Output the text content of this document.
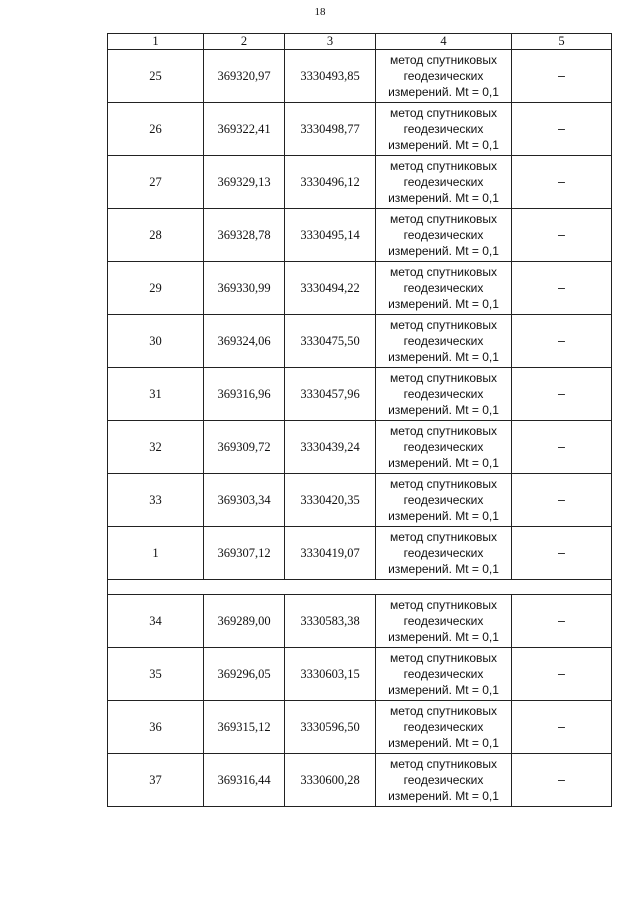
18
1	2	3	4	5
25	369320,97	3330493,85	метод спутниковых
геодезических
измерений. Mt = 0,1	–
26	369322,41	3330498,77	метод спутниковых
геодезических
измерений. Mt = 0,1	–
27	369329,13	3330496,12	метод спутниковых
геодезических
измерений. Mt = 0,1	–
28	369328,78	3330495,14	метод спутниковых
геодезических
измерений. Mt = 0,1	–
29	369330,99	3330494,22	метод спутниковых
геодезических
измерений. Mt = 0,1	–
30	369324,06	3330475,50	метод спутниковых
геодезических
измерений. Mt = 0,1	–
31	369316,96	3330457,96	метод спутниковых
геодезических
измерений. Mt = 0,1	–
32	369309,72	3330439,24	метод спутниковых
геодезических
измерений. Mt = 0,1	–
33	369303,34	3330420,35	метод спутниковых
геодезических
измерений. Mt = 0,1	–
1	369307,12	3330419,07	метод спутниковых
геодезических
измерений. Mt = 0,1	–

34	369289,00	3330583,38	метод спутниковых
геодезических
измерений. Mt = 0,1	–
35	369296,05	3330603,15	метод спутниковых
геодезических
измерений. Mt = 0,1	–
36	369315,12	3330596,50	метод спутниковых
геодезических
измерений. Mt = 0,1	–
37	369316,44	3330600,28	метод спутниковых
геодезических
измерений. Mt = 0,1	–
